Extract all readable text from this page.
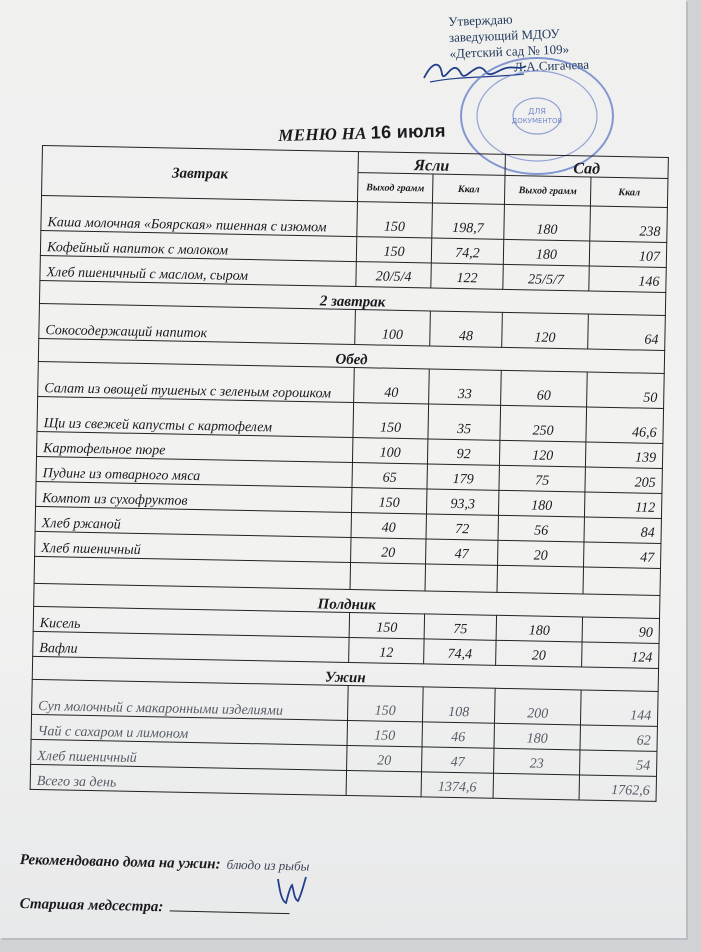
Утверждаю
заведующий МДОУ
«Детский сад № 109»
Л.А.Сигачева
ДЛЯ
ДОКУМЕНТОВ
МЕНЮ НА 16 июля
Завтрак	Ясли		Сад	
	Выход грамм	Ккал	Выход грамм	Ккал
Каша молочная «Боярская» пшенная с изюмом	150	198,7	180	238
Кофейный напиток с молоком	150	74,2	180	107
Хлеб пшеничный с маслом, сыром	20/5/4	122	25/5/7	146
2 завтрак				
Сокосодержащий напиток	100	48	120	64
Обед				
Салат из овощей тушеных с зеленым горошком	40	33	60	50
Щи из свежей капусты с картофелем	150	35	250	46,6
Картофельное пюре	100	92	120	139
Пудинг из отварного мяса	65	179	75	205
Компот из сухофруктов	150	93,3	180	112
Хлеб ржаной	40	72	56	84
Хлеб пшеничный	20	47	20	47

Полдник				
Кисель	150	75	180	90
Вафли	12	74,4	20	124
Ужин				
Суп молочный с макаронными изделиями	150	108	200	144
Чай с сахаром и лимоном	150	46	180	62
Хлеб пшеничный	20	47	23	54
Всего за день		1374,6		1762,6
Рекомендовано дома на ужин: блюдо из рыбы
Старшая медсестра:
